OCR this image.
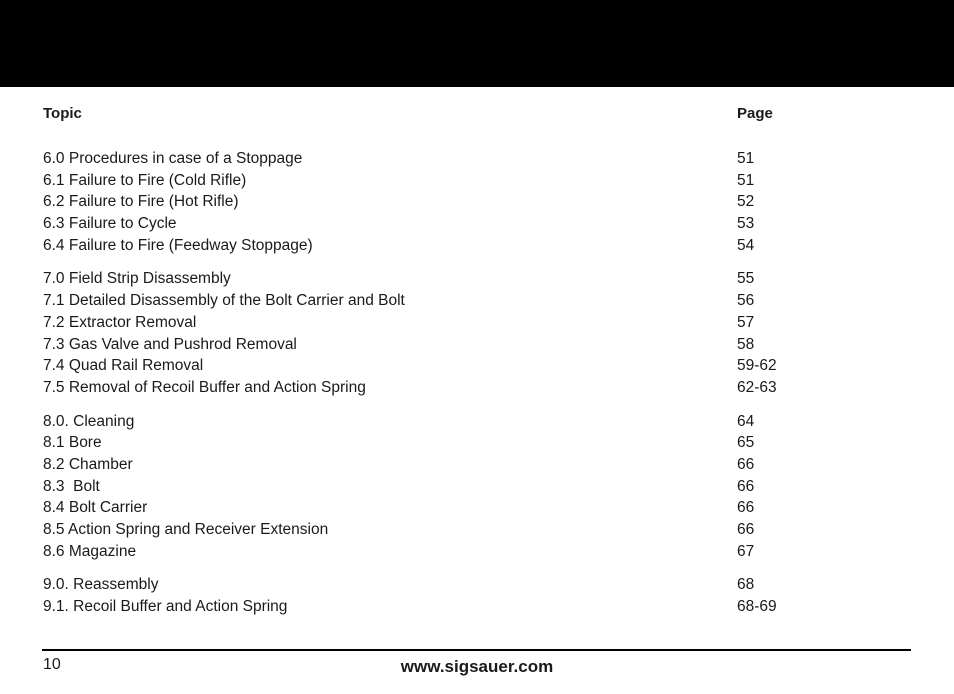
Topic	Page
6.0 Procedures in case of a Stoppage	51
6.1 Failure to Fire (Cold Rifle)	51
6.2 Failure to Fire (Hot Rifle)	52
6.3 Failure to Cycle	53
6.4 Failure to Fire (Feedway Stoppage)	54
7.0 Field Strip Disassembly	55
7.1 Detailed Disassembly of the Bolt Carrier and Bolt	56
7.2 Extractor Removal	57
7.3 Gas Valve and Pushrod Removal	58
7.4 Quad Rail Removal	59-62
7.5 Removal of Recoil Buffer and Action Spring	62-63
8.0. Cleaning	64
8.1 Bore	65
8.2 Chamber	66
8.3  Bolt	66
8.4 Bolt Carrier	66
8.5 Action Spring and Receiver Extension	66
8.6 Magazine	67
9.0. Reassembly	68
9.1. Recoil Buffer and Action Spring	68-69
10	www.sigsauer.com
